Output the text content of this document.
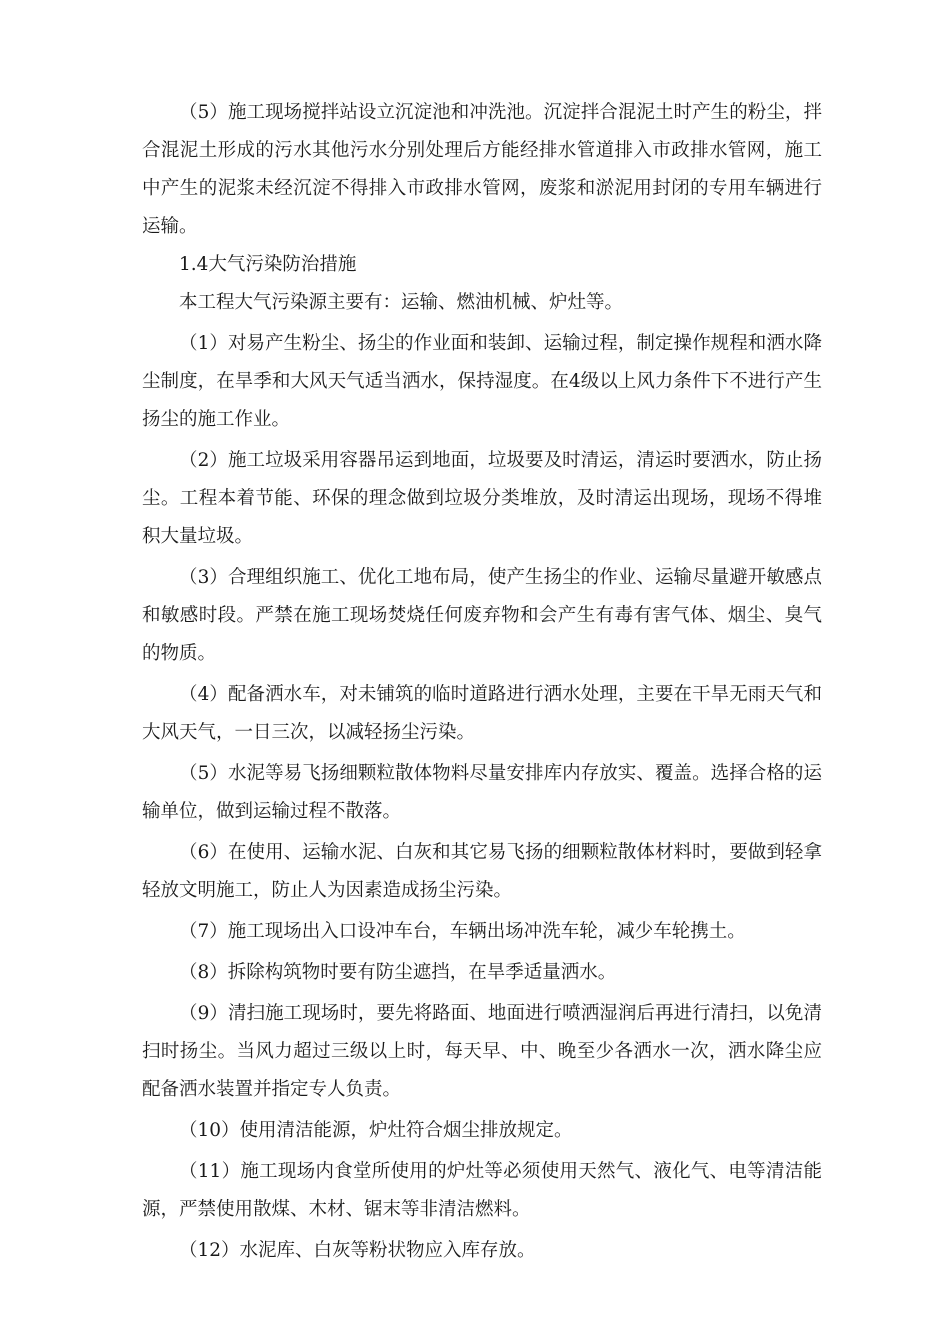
（5）施工现场搅拌站设立沉淀池和冲洗池。沉淀拌合混泥土时产生的粉尘，拌合混泥土形成的污水其他污水分别处理后方能经排水管道排入市政排水管网，施工中产生的泥浆未经沉淀不得排入市政排水管网，废浆和淤泥用封闭的专用车辆进行运输。

1.4大气污染防治措施

本工程大气污染源主要有：运输、燃油机械、炉灶等。

（1）对易产生粉尘、扬尘的作业面和装卸、运输过程，制定操作规程和洒水降尘制度，在旱季和大风天气适当洒水，保持湿度。在4级以上风力条件下不进行产生扬尘的施工作业。

（2）施工垃圾采用容器吊运到地面，垃圾要及时清运，清运时要洒水，防止扬尘。工程本着节能、环保的理念做到垃圾分类堆放，及时清运出现场，现场不得堆积大量垃圾。

（3）合理组织施工、优化工地布局，使产生扬尘的作业、运输尽量避开敏感点和敏感时段。严禁在施工现场焚烧任何废弃物和会产生有毒有害气体、烟尘、臭气的物质。

（4）配备洒水车，对未铺筑的临时道路进行洒水处理，主要在干旱无雨天气和大风天气，一日三次，以减轻扬尘污染。

（5）水泥等易飞扬细颗粒散体物料尽量安排库内存放实、覆盖。选择合格的运输单位，做到运输过程不散落。

（6）在使用、运输水泥、白灰和其它易飞扬的细颗粒散体材料时，要做到轻拿轻放文明施工，防止人为因素造成扬尘污染。

（7）施工现场出入口设冲车台，车辆出场冲洗车轮，减少车轮携土。

（8）拆除构筑物时要有防尘遮挡，在旱季适量洒水。

（9）清扫施工现场时，要先将路面、地面进行喷洒湿润后再进行清扫，以免清扫时扬尘。当风力超过三级以上时，每天早、中、晚至少各洒水一次，洒水降尘应配备洒水装置并指定专人负责。

（10）使用清洁能源，炉灶符合烟尘排放规定。

（11）施工现场内食堂所使用的炉灶等必须使用天然气、液化气、电等清洁能源，严禁使用散煤、木材、锯末等非清洁燃料。

（12）水泥库、白灰等粉状物应入库存放。
